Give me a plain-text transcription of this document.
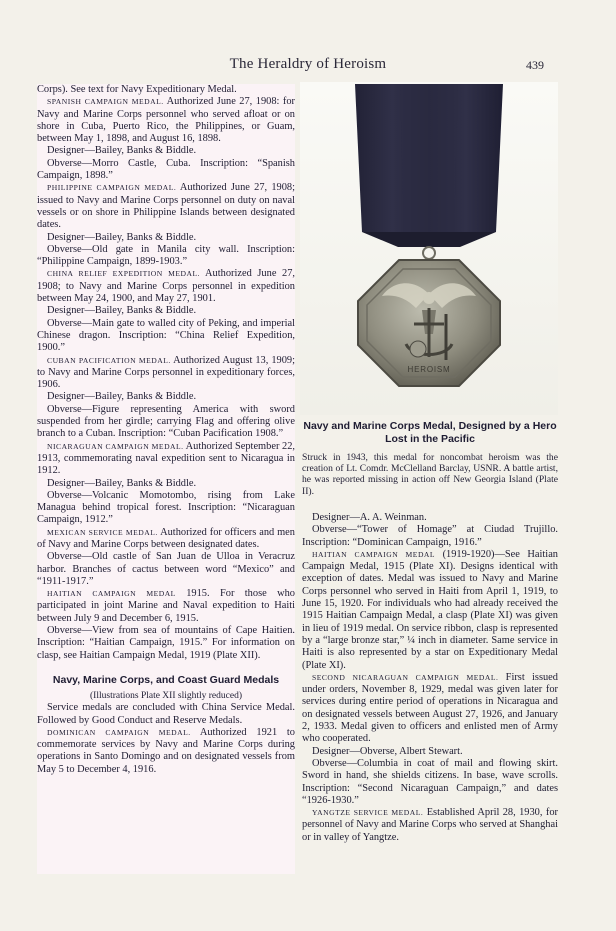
The Heraldry of Heroism	439

Corps). See text for Navy Expeditionary Medal.

SPANISH CAMPAIGN MEDAL. Authorized June 27, 1908: for Navy and Marine Corps personnel who served afloat or on shore in Cuba, Puerto Rico, the Philippines, or Guam, between May 1, 1898, and August 16, 1898.

Designer—Bailey, Banks & Biddle.

Obverse—Morro Castle, Cuba. Inscription: “Spanish Campaign, 1898.”

PHILIPPINE CAMPAIGN MEDAL. Authorized June 27, 1908; issued to Navy and Marine Corps personnel on duty on naval vessels or on shore in Philippine Islands between designated dates.

Designer—Bailey, Banks & Biddle.

Obverse—Old gate in Manila city wall. Inscription: “Philippine Campaign, 1899-1903.”

CHINA RELIEF EXPEDITION MEDAL. Authorized June 27, 1908; to Navy and Marine Corps personnel in expedition between May 24, 1900, and May 27, 1901.

Designer—Bailey, Banks & Biddle.

Obverse—Main gate to walled city of Peking, and imperial Chinese dragon. Inscription: “China Relief Expedition, 1900.”

CUBAN PACIFICATION MEDAL. Authorized August 13, 1909; to Navy and Marine Corps personnel in expeditionary forces, 1906.

Designer—Bailey, Banks & Biddle.

Obverse—Figure representing America with sword suspended from her girdle; carrying Flag and offering olive branch to a Cuban. Inscription: “Cuban Pacification 1908.”

NICARAGUAN CAMPAIGN MEDAL. Authorized September 22, 1913, commemorating naval expedition sent to Nicaragua in 1912.

Designer—Bailey, Banks & Biddle.

Obverse—Volcanic Momotombo, rising from Lake Managua behind tropical forest. Inscription: “Nicaraguan Campaign, 1912.”

MEXICAN SERVICE MEDAL. Authorized for officers and men of Navy and Marine Corps between designated dates.

Obverse—Old castle of San Juan de Ulloa in Veracruz harbor. Branches of cactus between word “Mexico” and “1911-1917.”

HAITIAN CAMPAIGN MEDAL 1915. For those who participated in joint Marine and Naval expedition to Haiti between July 9 and December 6, 1915.

Obverse—View from sea of mountains of Cape Haitien. Inscription: “Haitian Campaign, 1915.” For information on clasp, see Haitian Campaign Medal, 1919 (Plate XII).

Navy, Marine Corps, and Coast Guard Medals

(Illustrations Plate XII slightly reduced)

Service medals are concluded with China Service Medal. Followed by Good Conduct and Reserve Medals.

DOMINICAN CAMPAIGN MEDAL. Authorized 1921 to commemorate services by Navy and Marine Corps during operations in Santo Domingo and on designated vessels from May 5 to December 4, 1916.

HEROISM
Navy and Marine Corps Medal, Designed by a Hero Lost in the Pacific
Struck in 1943, this medal for noncombat heroism was the creation of Lt. Comdr. McClelland Barclay, USNR. A battle artist, he was reported missing in action off New Georgia Island (Plate II).

Designer—A. A. Weinman.

Obverse—“Tower of Homage” at Ciudad Trujillo. Inscription: “Dominican Campaign, 1916.”

HAITIAN CAMPAIGN MEDAL (1919-1920)—See Haitian Campaign Medal, 1915 (Plate XI). Designs identical with exception of dates. Medal was issued to Navy and Marine Corps personnel who served in Haiti from April 1, 1919, to June 15, 1920. For individuals who had already received the 1915 Haitian Campaign Medal, a clasp (Plate XI) was given in lieu of 1919 medal. On service ribbon, clasp is represented by a “large bronze star,” ¼ inch in diameter. Same service in Haiti is also represented by a star on Expeditionary Medal (Plate XI).

SECOND NICARAGUAN CAMPAIGN MEDAL. First issued under orders, November 8, 1929, medal was given later for services during entire period of operations in Nicaragua and on designated vessels between August 27, 1926, and January 2, 1933. Medal given to officers and enlisted men of Army who cooperated.

Designer—Obverse, Albert Stewart.

Obverse—Columbia in coat of mail and flowing skirt. Sword in hand, she shields citizens. In base, wave scrolls. Inscription: “Second Nicaraguan Campaign,” and dates “1926-1930.”

YANGTZE SERVICE MEDAL. Established April 28, 1930, for personnel of Navy and Marine Corps who served at Shanghai or in valley of Yangtze.
